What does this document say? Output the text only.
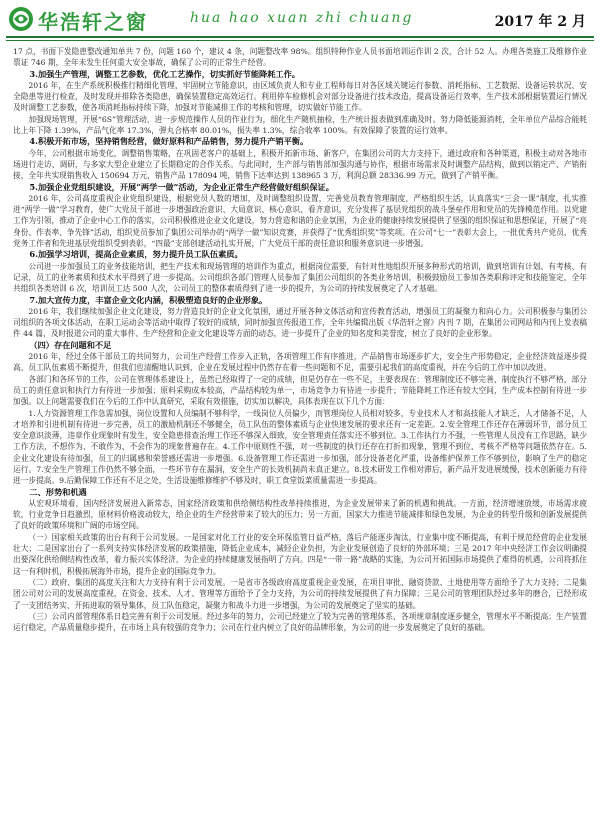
华浩轩之窗	hua hao xuan zhi chuang	2017 年 2 月

17 点，书面下发隐患整改通知单共 7 份，问题 160 个，建议 4 条，问题整改率 98%。组织特种作业人员书面培训运作训 2 次，合计 52 人。办理各类施工及维修作业票证 746 期，全年未发生任何重大安全事故，确保了公司的正常生产经营。

3.加强生产管理，调整工艺参数，优化工艺操作，切实抓好节能降耗工作。

2016 年，在生产系统积极推行精细化管理，牢固树立节能意识，由区域负责人和专业工程师每日对各区域关键运行参数、消耗指标、工艺数据、设备运转状况、安全隐患等进行检查，及时发现并排除各类隐患，确保装置稳定高效运行。利用停车检修机会对部分设备进行技术改造，提高设备运行效率，生产技术部根据装置运行情况及时调整工艺参数，使各项消耗指标持续下降，加强对节能减排工作的考核和管理，切实做好节能工作。

加强现场管理，开展“6S”管理活动，进一步规范操作人员的作业行为，细化生产随机抽检，生产统计报表做到准确及时。努力降低能源消耗，全年单位产品综合能耗比上年下降 1.39%，产品气化率 17.3%，弹丸合格率 80.01%，损失率 1.3%，综合收率 100%。有效保障了装置的运行效率。

4.积极开拓市场，坚持销售经营，做好原料和产品销售，努力提升产销平衡。

今年，公司根据市场变化，调整销售策略，在巩固老客户的基础上，积极开拓新市场、新客户，在集团公司的大力支持下，通过政府和各种渠道，积极主动对各地市场进行走访、调研，与多家大型企业建立了长期稳定的合作关系。与此同时，生产部与销售部加强沟通与协作，根据市场需求及时调整产品结构，做到以销定产、产销衔接，全年共实现销售收入 150694 万元，销售产品 178094 吨，销售下达率达到 138965 3 万，利润总额 28336.99 万元，做到了产销平衡。

5.加强企业党组织建设，开展“两学一做”活动，为企业正常生产经营做好组织保证。

2016 年，公司高度重视企业党组织建设，根据党员人数的增加，及时调整组织设置，完善党员教育管理制度，严格组织生活，认真落实“三会一课”制度，扎实推进“两学一做”学习教育，使广大党员干部进一步增强政治意识、大局意识、核心意识、看齐意识，充分发挥了基层党组织的战斗堡垒作用和党员的先锋模范作用。以党建工作为引领，推动了企业中心工作的落实，公司积极推进企业文化建设，努力营造和谐的企业氛围，为企业的健康持续发展提供了坚强的组织保证和思想保证，开展了“亮身份、作表率、争先锋”活动，组织党员参加了集团公司举办的“两学一做”知识竞赛，并获得了“优秀组织奖”等奖项。在公司“七一”表彰大会上，一批优秀共产党员、优秀党务工作者和先进基层党组织受到表彰，“四最”支部创建活动扎实开展，广大党员干部的责任意识和服务意识进一步增强。

6.加强学习培训，提高企业素质，努力提升员工队伍素质。

公司进一步加强员工的业务技能培训，把生产技术和现场管理的培训作为重点，根据岗位需要，有针对性地组织开展多种形式的培训，做到培训有计划、有考核、有记录，员工的业务素质和技术水平得到了进一步提高。公司组织各部门管理人员参加了集团公司组织的各类业务培训，积极鼓励员工参加各类职称评定和技能鉴定，全年共组织各类培训 6 次，培训员工达 500 人次，公司员工的整体素质得到了进一步的提升，为公司的持续发展奠定了人才基础。

7.加大宣传力度，丰富企业文化内涵，积极塑造良好的企业形象。

2016 年，我们继续加强企业文化建设，努力营造良好的企业文化氛围，通过开展各种文体活动和宣传教育活动，增强员工的凝聚力和向心力。公司积极参与集团公司组织的各项文体活动，在职工运动会等活动中取得了较好的成绩，同时加强宣传报道工作，全年共编辑出版《华浩轩之窗》内刊 7 期，在集团公司网站和内刊上发表稿件 44 篇，及时报道公司的重大事件、生产经营和企业文化建设等方面的动态，进一步提升了企业的知名度和美誉度，树立了良好的企业形象。

（四）存在问题和不足

2016 年，经过全体干部员工的共同努力，公司生产经营工作步入正轨，各项管理工作有序推进，产品销售市场逐步扩大，安全生产形势稳定，企业经济效益逐步提高，员工队伍素质不断提升，但我们也清醒地认识到，企业在发展过程中仍然存在着一些问题和不足，需要引起我们的高度重视，并在今后的工作中加以改进。

各部门和各环节的工作，公司在管理体系建设上，虽然已经取得了一定的成绩，但是仍存在一些不足，主要表现在：管理制度还不够完善，制度执行不够严格，部分员工的责任意识和执行力有待进一步加强；原料采购成本较高，产品结构较为单一，市场竞争力有待进一步提升；节能降耗工作还有较大空间，生产成本控制有待进一步加强。以上问题需要我们在今后的工作中认真研究，采取有效措施，切实加以解决，具体表现在以下几个方面：

1.人力资源管理工作急需加强，岗位设置和人员编制不够科学，一线岗位人员偏少，而管理岗位人员相对较多，专业技术人才和高技能人才缺乏，人才储备不足，人才培养和引进机制有待进一步完善，员工的激励机制还不够健全，员工队伍的整体素质与企业快速发展的要求还有一定差距。2.安全管理工作还存在薄弱环节，部分员工安全意识淡薄，违章作业现象时有发生，安全隐患排查治理工作还不够深入细致，安全管理责任落实还不够到位。3.工作执行力不强，一些管理人员没有工作思路，缺少工作方法，不想作为、不敢作为、不会作为的现象普遍存在。4.工作中原则性不强，对一些制度的执行还存在打折扣现象，管理不到位、考核不严格等问题依然存在。5.企业文化建设有待加强，员工的归属感和荣誉感还需进一步增强。6.设备管理工作还需进一步加强，部分设备老化严重，设备维护保养工作不够到位，影响了生产的稳定运行。7.安全生产管理工作仍然不够全面，一些环节存在漏洞，安全生产的长效机制尚未真正建立。8.技术研发工作相对滞后，新产品开发进展缓慢，技术创新能力有待进一步提高。9.后勤保障工作还有不足之处，生活设施维修维护不够及时，职工食堂饭菜质量需进一步提高。

二、形势和机遇

从宏观环境看，国内经济发展进入新常态，国家经济政策和供给侧结构性改革持续推进，为企业发展带来了新的机遇和挑战。一方面，经济增速放缓，市场需求疲软，行业竞争日趋激烈，原材料价格波动较大，给企业的生产经营带来了较大的压力；另一方面，国家大力推进节能减排和绿色发展，为企业的转型升级和创新发展提供了良好的政策环境和广阔的市场空间。

（一）国家相关政策的出台有利于公司发展。一是国家对化工行业的安全环保监管日益严格，落后产能逐步淘汰，行业集中度不断提高，有利于规范经营的企业发展壮大；二是国家出台了一系列支持实体经济发展的政策措施，降低企业成本，减轻企业负担，为企业发展创造了良好的外部环境；三是 2017 年中央经济工作会议明确提出要深化供给侧结构性改革，着力振兴实体经济，为企业的持续健康发展指明了方向。四是“一带一路”战略的实施，为公司开拓国际市场提供了难得的机遇，公司将抓住这一有利时机，积极拓展海外市场，提升企业的国际竞争力。

（二）政府、集团的高度关注和大力支持有利于公司发展。一是省市各级政府高度重视企业发展，在项目审批、融资贷款、土地使用等方面给予了大力支持；二是集团公司对公司的发展高度重视，在资金、技术、人才、管理等方面给予了全力支持，为公司的持续发展提供了有力保障；三是公司的管理团队经过多年的磨合，已经形成了一支团结务实、开拓进取的领导集体，员工队伍稳定，凝聚力和战斗力进一步增强，为公司的发展奠定了坚实的基础。

（三）公司内部管理体系日趋完善有利于公司发展。经过多年的努力，公司已经建立了较为完善的管理体系，各项规章制度逐步健全，管理水平不断提高；生产装置运行稳定，产品质量稳步提升，在市场上具有较强的竞争力；公司在行业内树立了良好的品牌形象，为公司的进一步发展奠定了良好的基础。
